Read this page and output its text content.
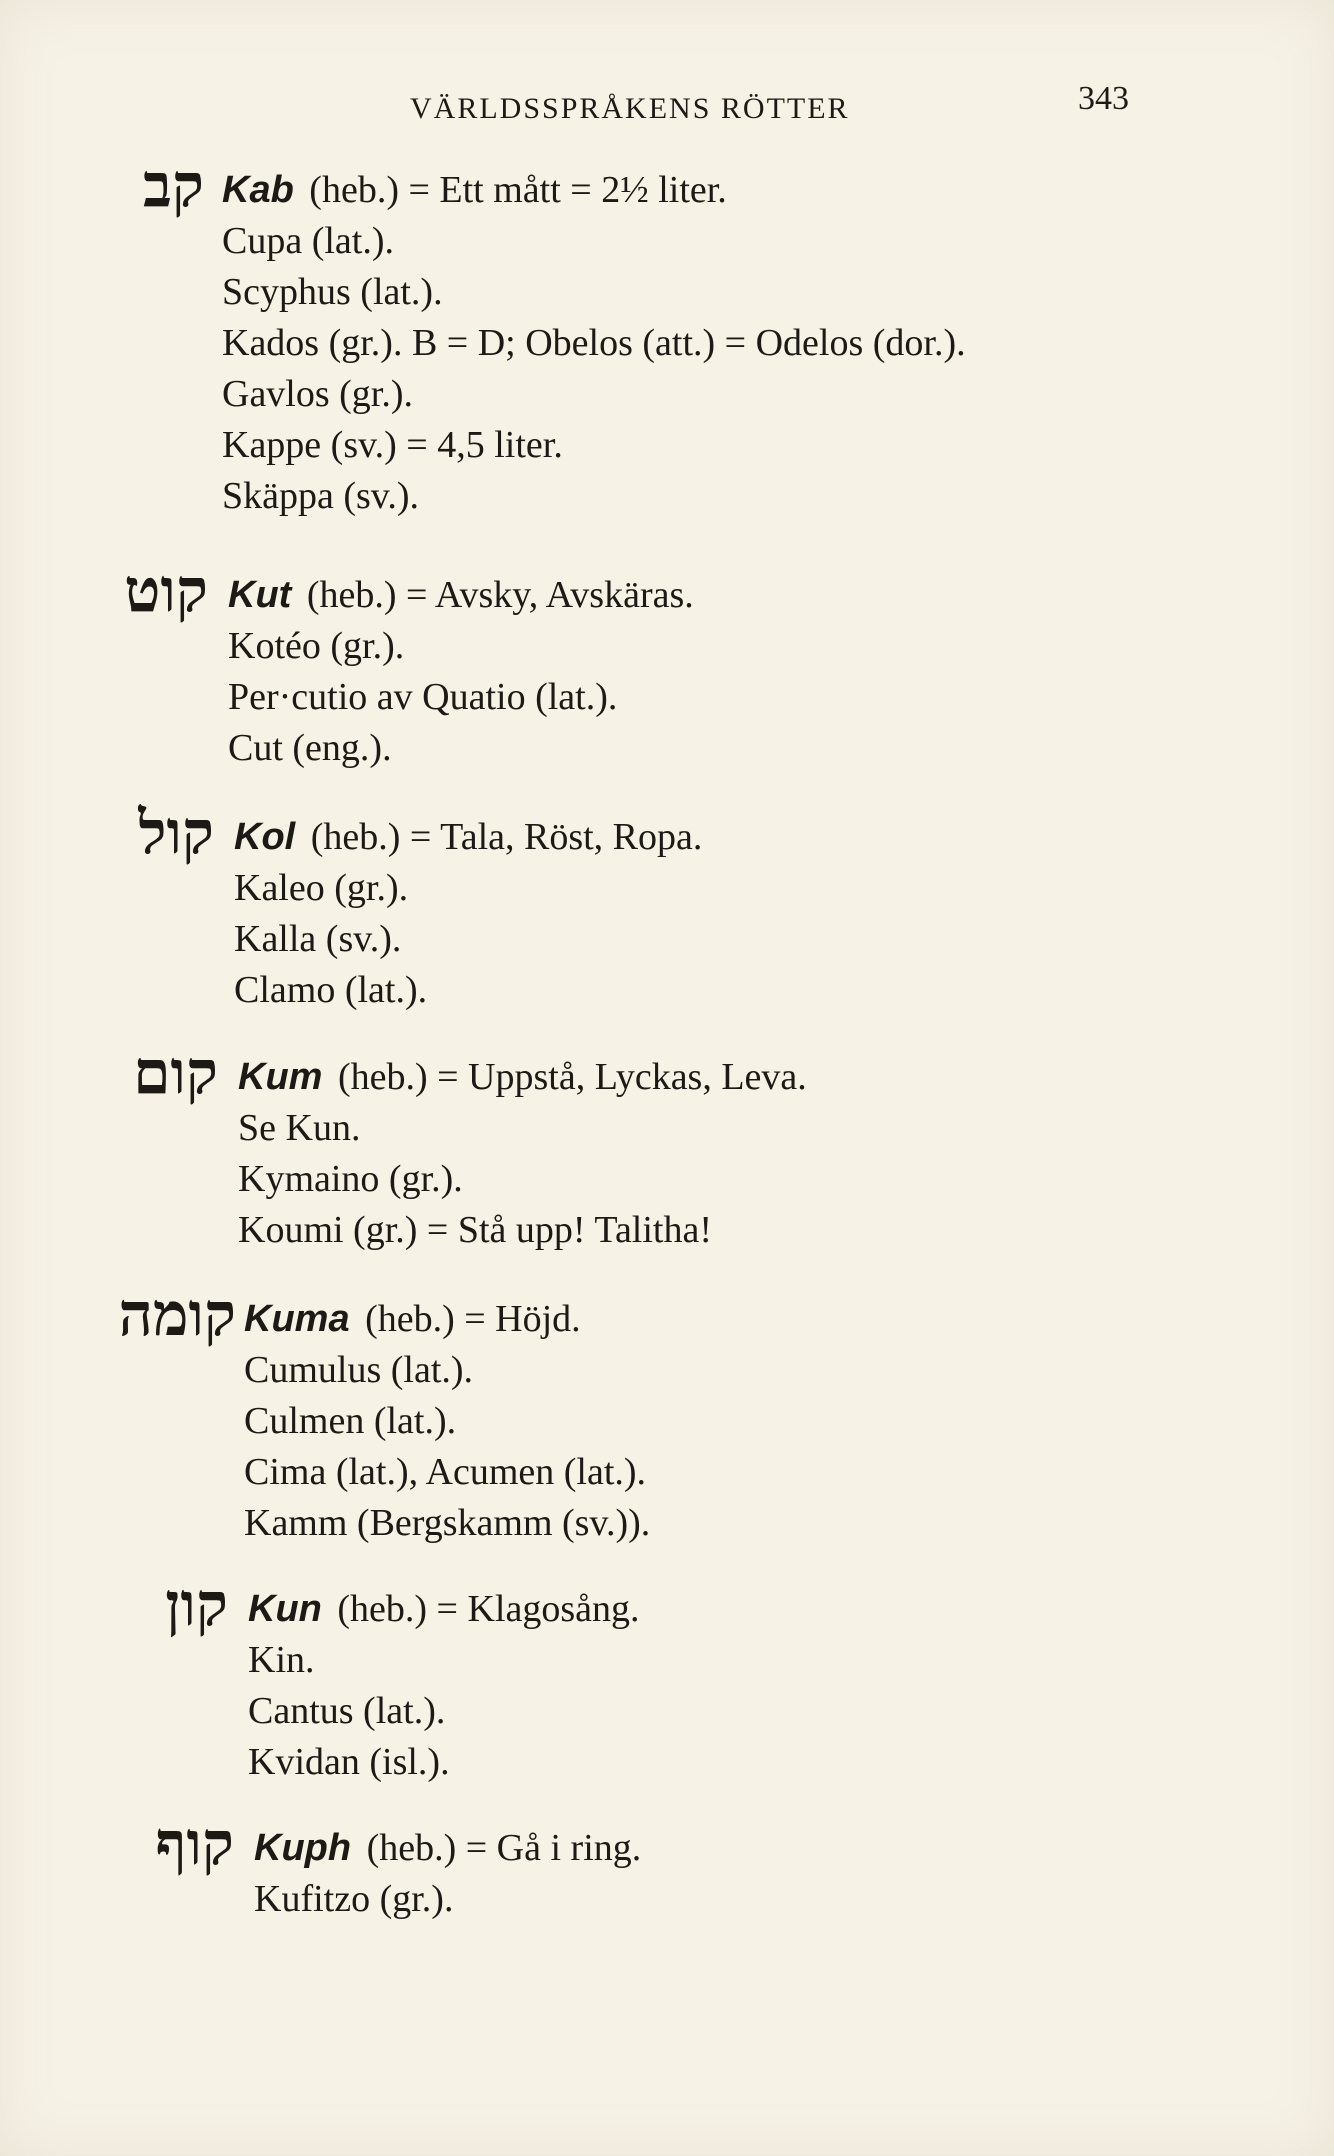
VÄRLDSSPRÅKENS RÖTTER	343
קב Kab (heb.) = Ett mått = 2½ liter.
Cupa (lat.).
Scyphus (lat.).
Kados (gr.). B = D; Obelos (att.) = Odelos (dor.).
Gavlos (gr.).
Kappe (sv.) = 4,5 liter.
Skäppa (sv.).
קוט Kut (heb.) = Avsky, Avskäras.
Kotéo (gr.).
Per·cutio av Quatio (lat.).
Cut (eng.).
קול Kol (heb.) = Tala, Röst, Ropa.
Kaleo (gr.).
Kalla (sv.).
Clamo (lat.).
קום Kum (heb.) = Uppstå, Lyckas, Leva.
Se Kun.
Kymaino (gr.).
Koumi (gr.) = Stå upp! Talitha!
קומה Kuma (heb.) = Höjd.
Cumulus (lat.).
Culmen (lat.).
Cima (lat.), Acumen (lat.).
Kamm (Bergskamm (sv.)).
קון Kun (heb.) = Klagosång.
Kin.
Cantus (lat.).
Kvidan (isl.).
קוף Kuph (heb.) = Gå i ring.
Kufitzo (gr.).
